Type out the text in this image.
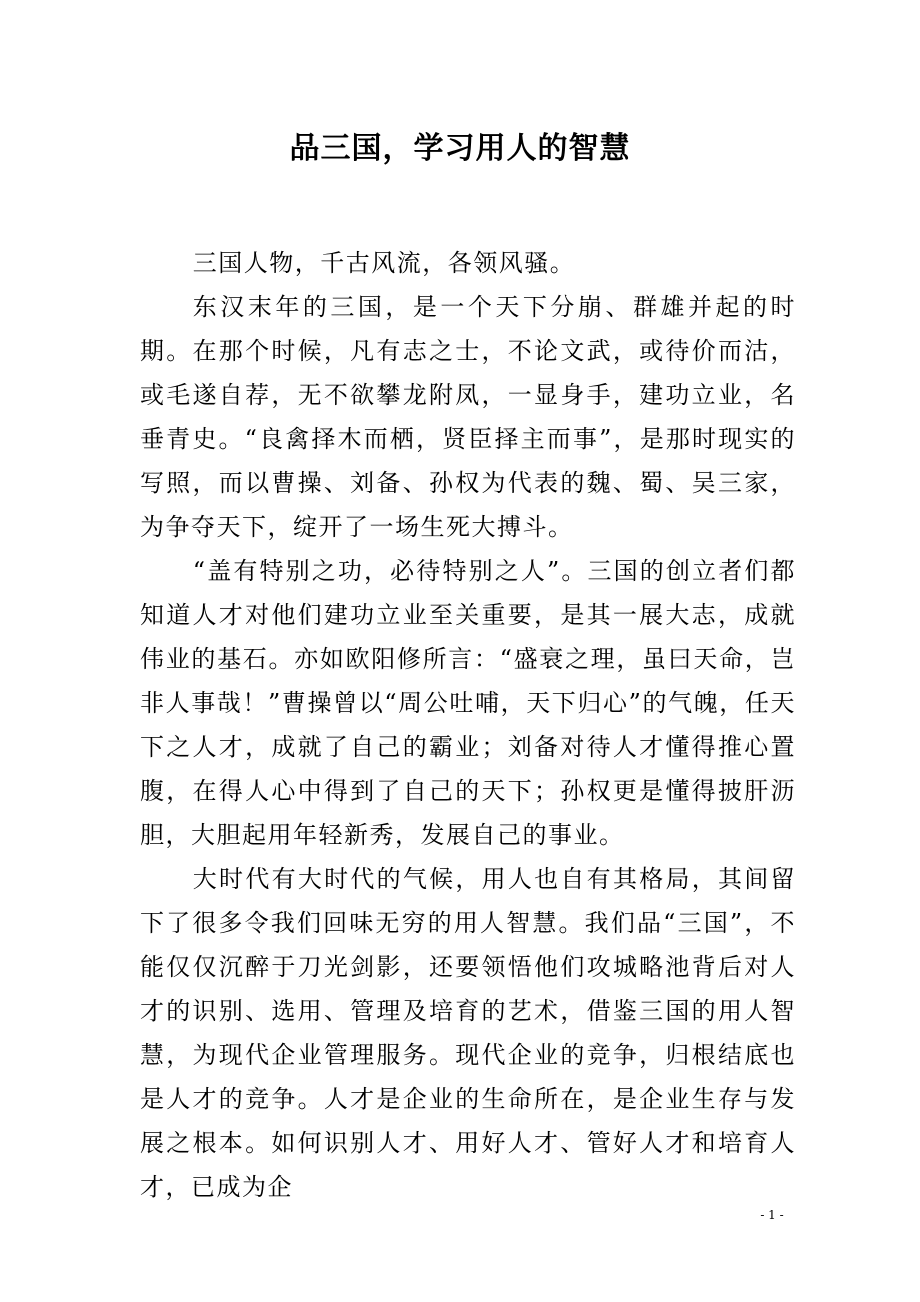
品三国，学习用人的智慧

三国人物，千古风流，各领风骚。

东汉末年的三国，是一个天下分崩、群雄并起的时期。在那个时候，凡有志之士，不论文武，或待价而沽，或毛遂自荐，无不欲攀龙附凤，一显身手，建功立业，名垂青史。“良禽择木而栖，贤臣择主而事”，是那时现实的写照，而以曹操、刘备、孙权为代表的魏、蜀、吴三家，为争夺天下，绽开了一场生死大搏斗。

“盖有特别之功，必待特别之人”。三国的创立者们都知道人才对他们建功立业至关重要，是其一展大志，成就伟业的基石。亦如欧阳修所言：“盛衰之理，虽曰天命，岂非人事哉！”曹操曾以“周公吐哺，天下归心”的气魄，任天下之人才，成就了自己的霸业；刘备对待人才懂得推心置腹，在得人心中得到了自己的天下；孙权更是懂得披肝沥胆，大胆起用年轻新秀，发展自己的事业。

大时代有大时代的气候，用人也自有其格局，其间留下了很多令我们回味无穷的用人智慧。我们品“三国”，不能仅仅沉醉于刀光剑影，还要领悟他们攻城略池背后对人才的识别、选用、管理及培育的艺术，借鉴三国的用人智慧，为现代企业管理服务。现代企业的竞争，归根结底也是人才的竞争。人才是企业的生命所在，是企业生存与发展之根本。如何识别人才、用好人才、管好人才和培育人才，已成为企

- 1 -
